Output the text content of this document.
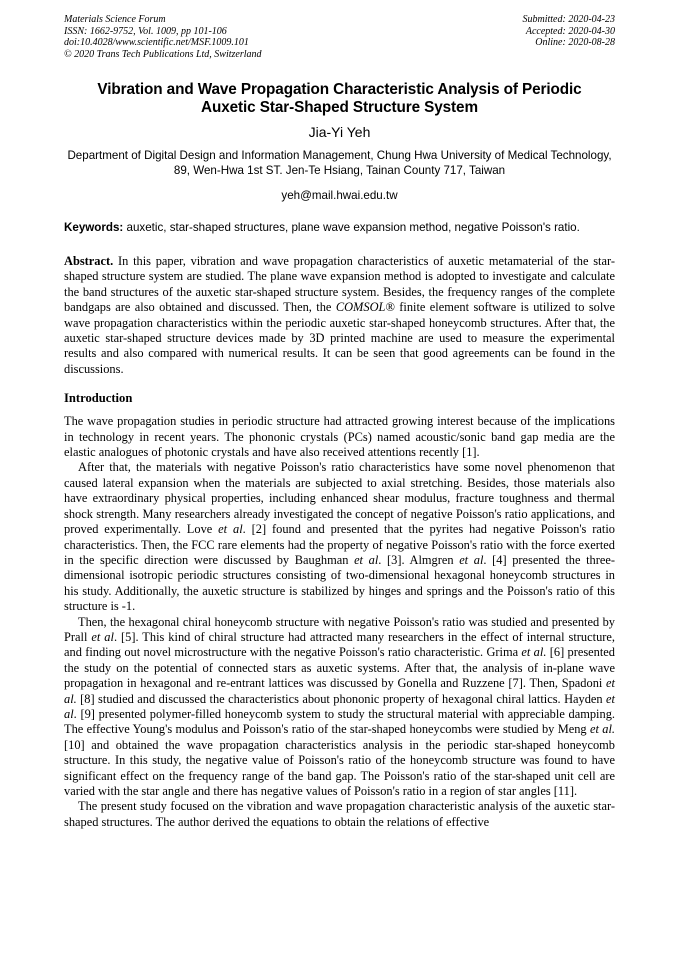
Materials Science Forum
ISSN: 1662-9752, Vol. 1009, pp 101-106
doi:10.4028/www.scientific.net/MSF.1009.101
© 2020 Trans Tech Publications Ltd, Switzerland
Submitted: 2020-04-23
Accepted: 2020-04-30
Online: 2020-08-28
Vibration and Wave Propagation Characteristic Analysis of Periodic
Auxetic Star-Shaped Structure System
Jia-Yi Yeh
Department of Digital Design and Information Management, Chung Hwa University of Medical Technology, 89, Wen-Hwa 1st ST. Jen-Te Hsiang, Tainan County 717, Taiwan
yeh@mail.hwai.edu.tw
Keywords: auxetic, star-shaped structures, plane wave expansion method, negative Poisson's ratio.
Abstract. In this paper, vibration and wave propagation characteristics of auxetic metamaterial of the star-shaped structure system are studied. The plane wave expansion method is adopted to investigate and calculate the band structures of the auxetic star-shaped structure system. Besides, the frequency ranges of the complete bandgaps are also obtained and discussed. Then, the COMSOL® finite element software is utilized to solve wave propagation characteristics within the periodic auxetic star-shaped honeycomb structures. After that, the auxetic star-shaped structure devices made by 3D printed machine are used to measure the experimental results and also compared with numerical results. It can be seen that good agreements can be found in the discussions.
Introduction

The wave propagation studies in periodic structure had attracted growing interest because of the implications in technology in recent years. The phononic crystals (PCs) named acoustic/sonic band gap media are the elastic analogues of photonic crystals and have also received attentions recently [1].

After that, the materials with negative Poisson's ratio characteristics have some novel phenomenon that caused lateral expansion when the materials are subjected to axial stretching. Besides, those materials also have extraordinary physical properties, including enhanced shear modulus, fracture toughness and thermal shock strength. Many researchers already investigated the concept of negative Poisson's ratio applications, and proved experimentally. Love et al. [2] found and presented that the pyrites had negative Poisson's ratio characteristics. Then, the FCC rare elements had the property of negative Poisson's ratio with the force exerted in the specific direction were discussed by Baughman et al. [3]. Almgren et al. [4] presented the three-dimensional isotropic periodic structures consisting of two-dimensional hexagonal honeycomb structures in his study. Additionally, the auxetic structure is stabilized by hinges and springs and the Poisson's ratio of this structure is -1.

Then, the hexagonal chiral honeycomb structure with negative Poisson's ratio was studied and presented by Prall et al. [5]. This kind of chiral structure had attracted many researchers in the effect of internal structure, and finding out novel microstructure with the negative Poisson's ratio characteristic. Grima et al. [6] presented the study on the potential of connected stars as auxetic systems. After that, the analysis of in-plane wave propagation in hexagonal and re-entrant lattices was discussed by Gonella and Ruzzene [7]. Then, Spadoni et al. [8] studied and discussed the characteristics about phononic property of hexagonal chiral lattics. Hayden et al. [9] presented polymer-filled honeycomb system to study the structural material with appreciable damping. The effective Young's modulus and Poisson's ratio of the star-shaped honeycombs were studied by Meng et al. [10] and obtained the wave propagation characteristics analysis in the periodic star-shaped honeycomb structure. In this study, the negative value of Poisson's ratio of the honeycomb structure was found to have significant effect on the frequency range of the band gap. The Poisson's ratio of the star-shaped unit cell are varied with the star angle and there has negative values of Poisson's ratio in a region of star angles [11].

The present study focused on the vibration and wave propagation characteristic analysis of the auxetic star-shaped structures. The author derived the equations to obtain the relations of effective
